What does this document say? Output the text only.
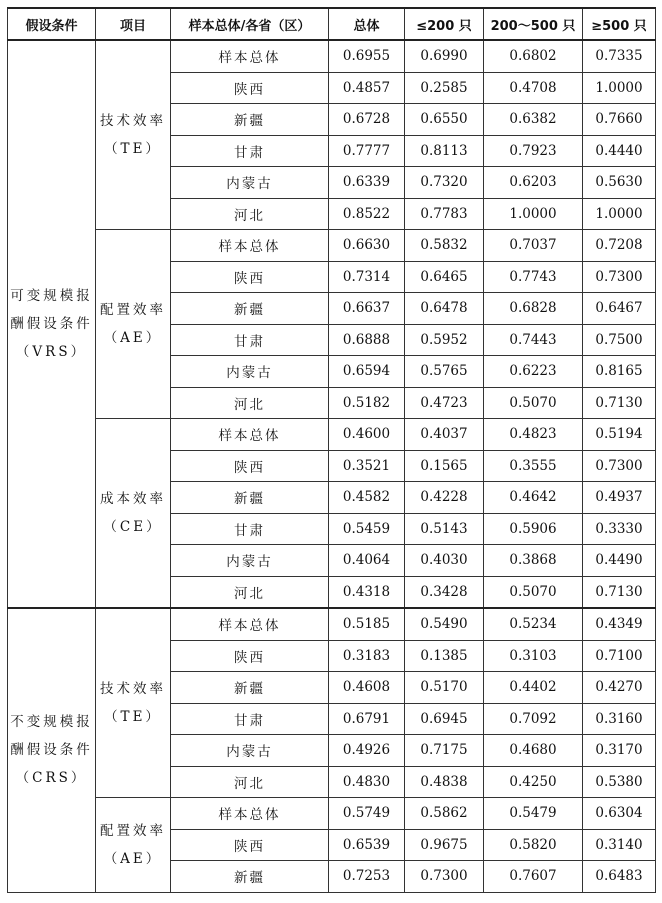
假设条件	项目	样本总体/各省（区）	总体	≤200 只	200～500 只	≥500 只

可变规模报
酬假设条件
（VRS）	技术效率
（TE）	样本总体	0.6955	0.6990	0.6802	0.7335
		陕西	0.4857	0.2585	0.4708	1.0000
		新疆	0.6728	0.6550	0.6382	0.7660
		甘肃	0.7777	0.8113	0.7923	0.4440
		内蒙古	0.6339	0.7320	0.6203	0.5630
		河北	0.8522	0.7783	1.0000	1.0000

	配置效率
（AE）	样本总体	0.6630	0.5832	0.7037	0.7208
		陕西	0.7314	0.6465	0.7743	0.7300
		新疆	0.6637	0.6478	0.6828	0.6467
		甘肃	0.6888	0.5952	0.7443	0.7500
		内蒙古	0.6594	0.5765	0.6223	0.8165
		河北	0.5182	0.4723	0.5070	0.7130

	成本效率
（CE）	样本总体	0.4600	0.4037	0.4823	0.5194
		陕西	0.3521	0.1565	0.3555	0.7300
		新疆	0.4582	0.4228	0.4642	0.4937
		甘肃	0.5459	0.5143	0.5906	0.3330
		内蒙古	0.4064	0.4030	0.3868	0.4490
		河北	0.4318	0.3428	0.5070	0.7130

不变规模报
酬假设条件
（CRS）	技术效率
（TE）	样本总体	0.5185	0.5490	0.5234	0.4349
		陕西	0.3183	0.1385	0.3103	0.7100
		新疆	0.4608	0.5170	0.4402	0.4270
		甘肃	0.6791	0.6945	0.7092	0.3160
		内蒙古	0.4926	0.7175	0.4680	0.3170
		河北	0.4830	0.4838	0.4250	0.5380

	配置效率
（AE）	样本总体	0.5749	0.5862	0.5479	0.6304
		陕西	0.6539	0.9675	0.5820	0.3140
		新疆	0.7253	0.7300	0.7607	0.6483
